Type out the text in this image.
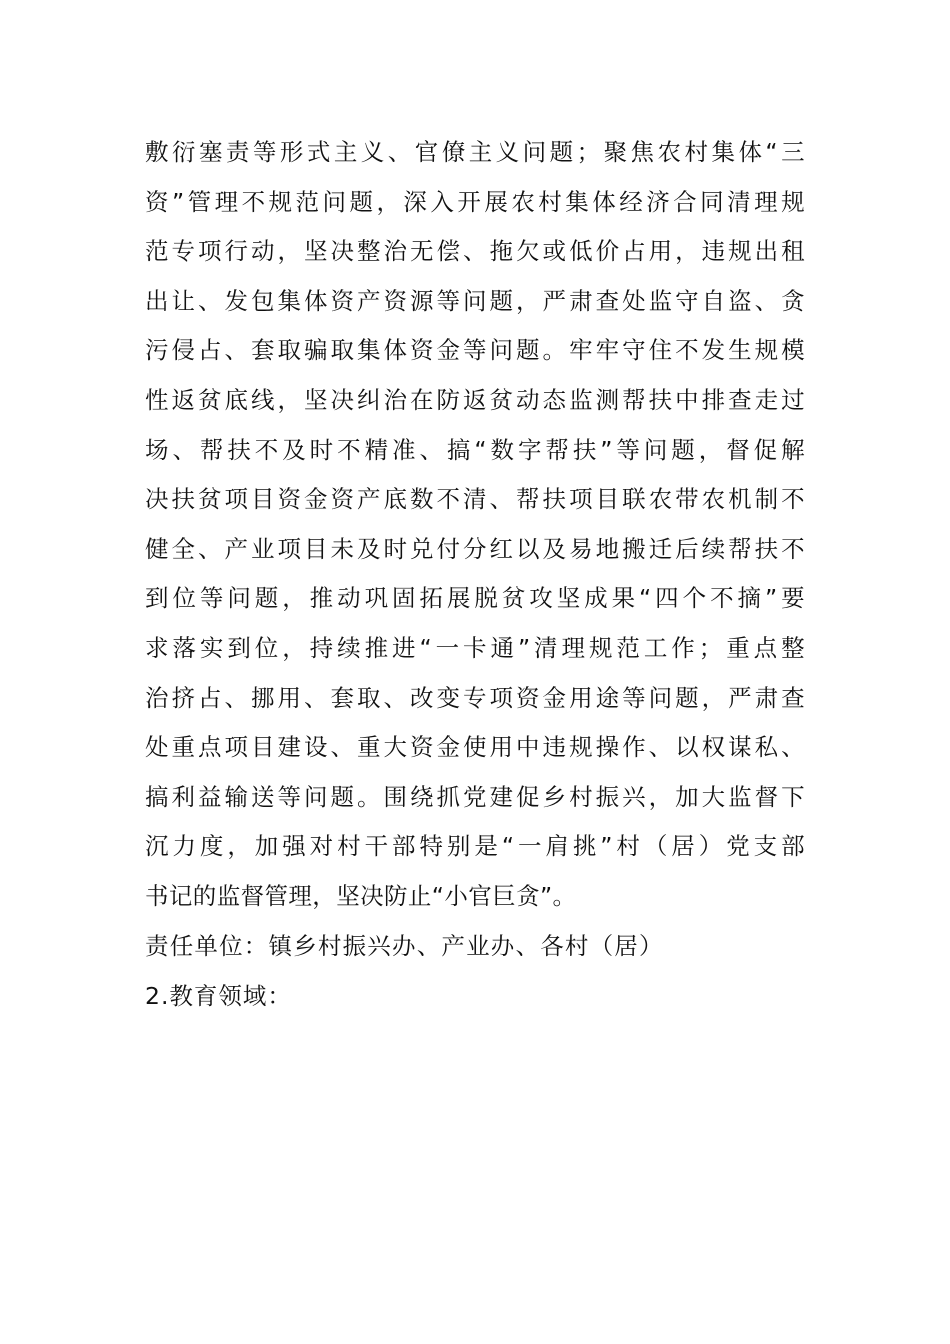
敷衍塞责等形式主义、官僚主义问题；聚焦农村集体“三
资”管理不规范问题，深入开展农村集体经济合同清理规
范专项行动，坚决整治无偿、拖欠或低价占用，违规出租
出让、发包集体资产资源等问题，严肃查处监守自盗、贪
污侵占、套取骗取集体资金等问题。牢牢守住不发生规模
性返贫底线，坚决纠治在防返贫动态监测帮扶中排查走过
场、帮扶不及时不精准、搞“数字帮扶”等问题，督促解
决扶贫项目资金资产底数不清、帮扶项目联农带农机制不
健全、产业项目未及时兑付分红以及易地搬迁后续帮扶不
到位等问题，推动巩固拓展脱贫攻坚成果“四个不摘”要
求落实到位，持续推进“一卡通”清理规范工作；重点整
治挤占、挪用、套取、改变专项资金用途等问题，严肃查
处重点项目建设、重大资金使用中违规操作、以权谋私、
搞利益输送等问题。围绕抓党建促乡村振兴，加大监督下
沉力度，加强对村干部特别是“一肩挑”村（居）党支部
书记的监督管理，坚决防止“小官巨贪”。

责任单位：镇乡村振兴办、产业办、各村（居）

2.教育领域：
